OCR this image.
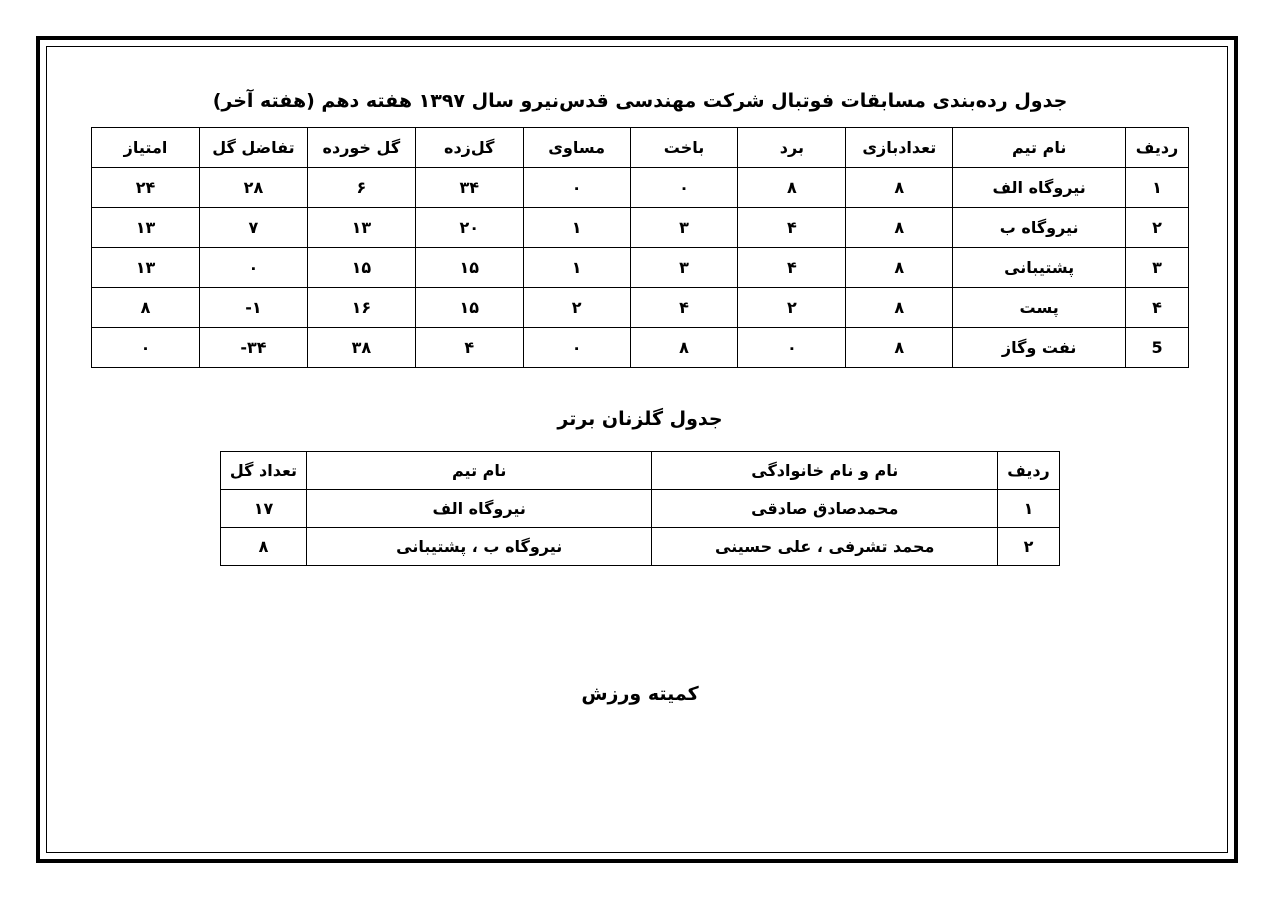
جدول رده‌بندی مسابقات فوتبال شرکت مهندسی قدس‌نیرو سال ۱۳۹۷ هفته دهم (هفته آخر)
ردیف	نام تیم	تعدادبازی	برد	باخت	مساوی	گل‌زده	گل خورده	تفاضل گل	امتیاز
۱	نیروگاه الف	۸	۸	۰	۰	۳۴	۶	۲۸	۲۴
۲	نیروگاه ب	۸	۴	۳	۱	۲۰	۱۳	۷	۱۳
۳	پشتیبانی	۸	۴	۳	۱	۱۵	۱۵	۰	۱۳
۴	پست	۸	۲	۴	۲	۱۵	۱۶	۱-	۸
5	نفت وگاز	۸	۰	۸	۰	۴	۳۸	۳۴-	۰
جدول گلزنان برتر
ردیف	نام و نام خانوادگی	نام تیم	تعداد گل
۱	محمدصادق صادقی	نیروگاه الف	۱۷
۲	محمد تشرفی ، علی حسینی	نیروگاه ب ، پشتیبانی	۸
کمیته ورزش
